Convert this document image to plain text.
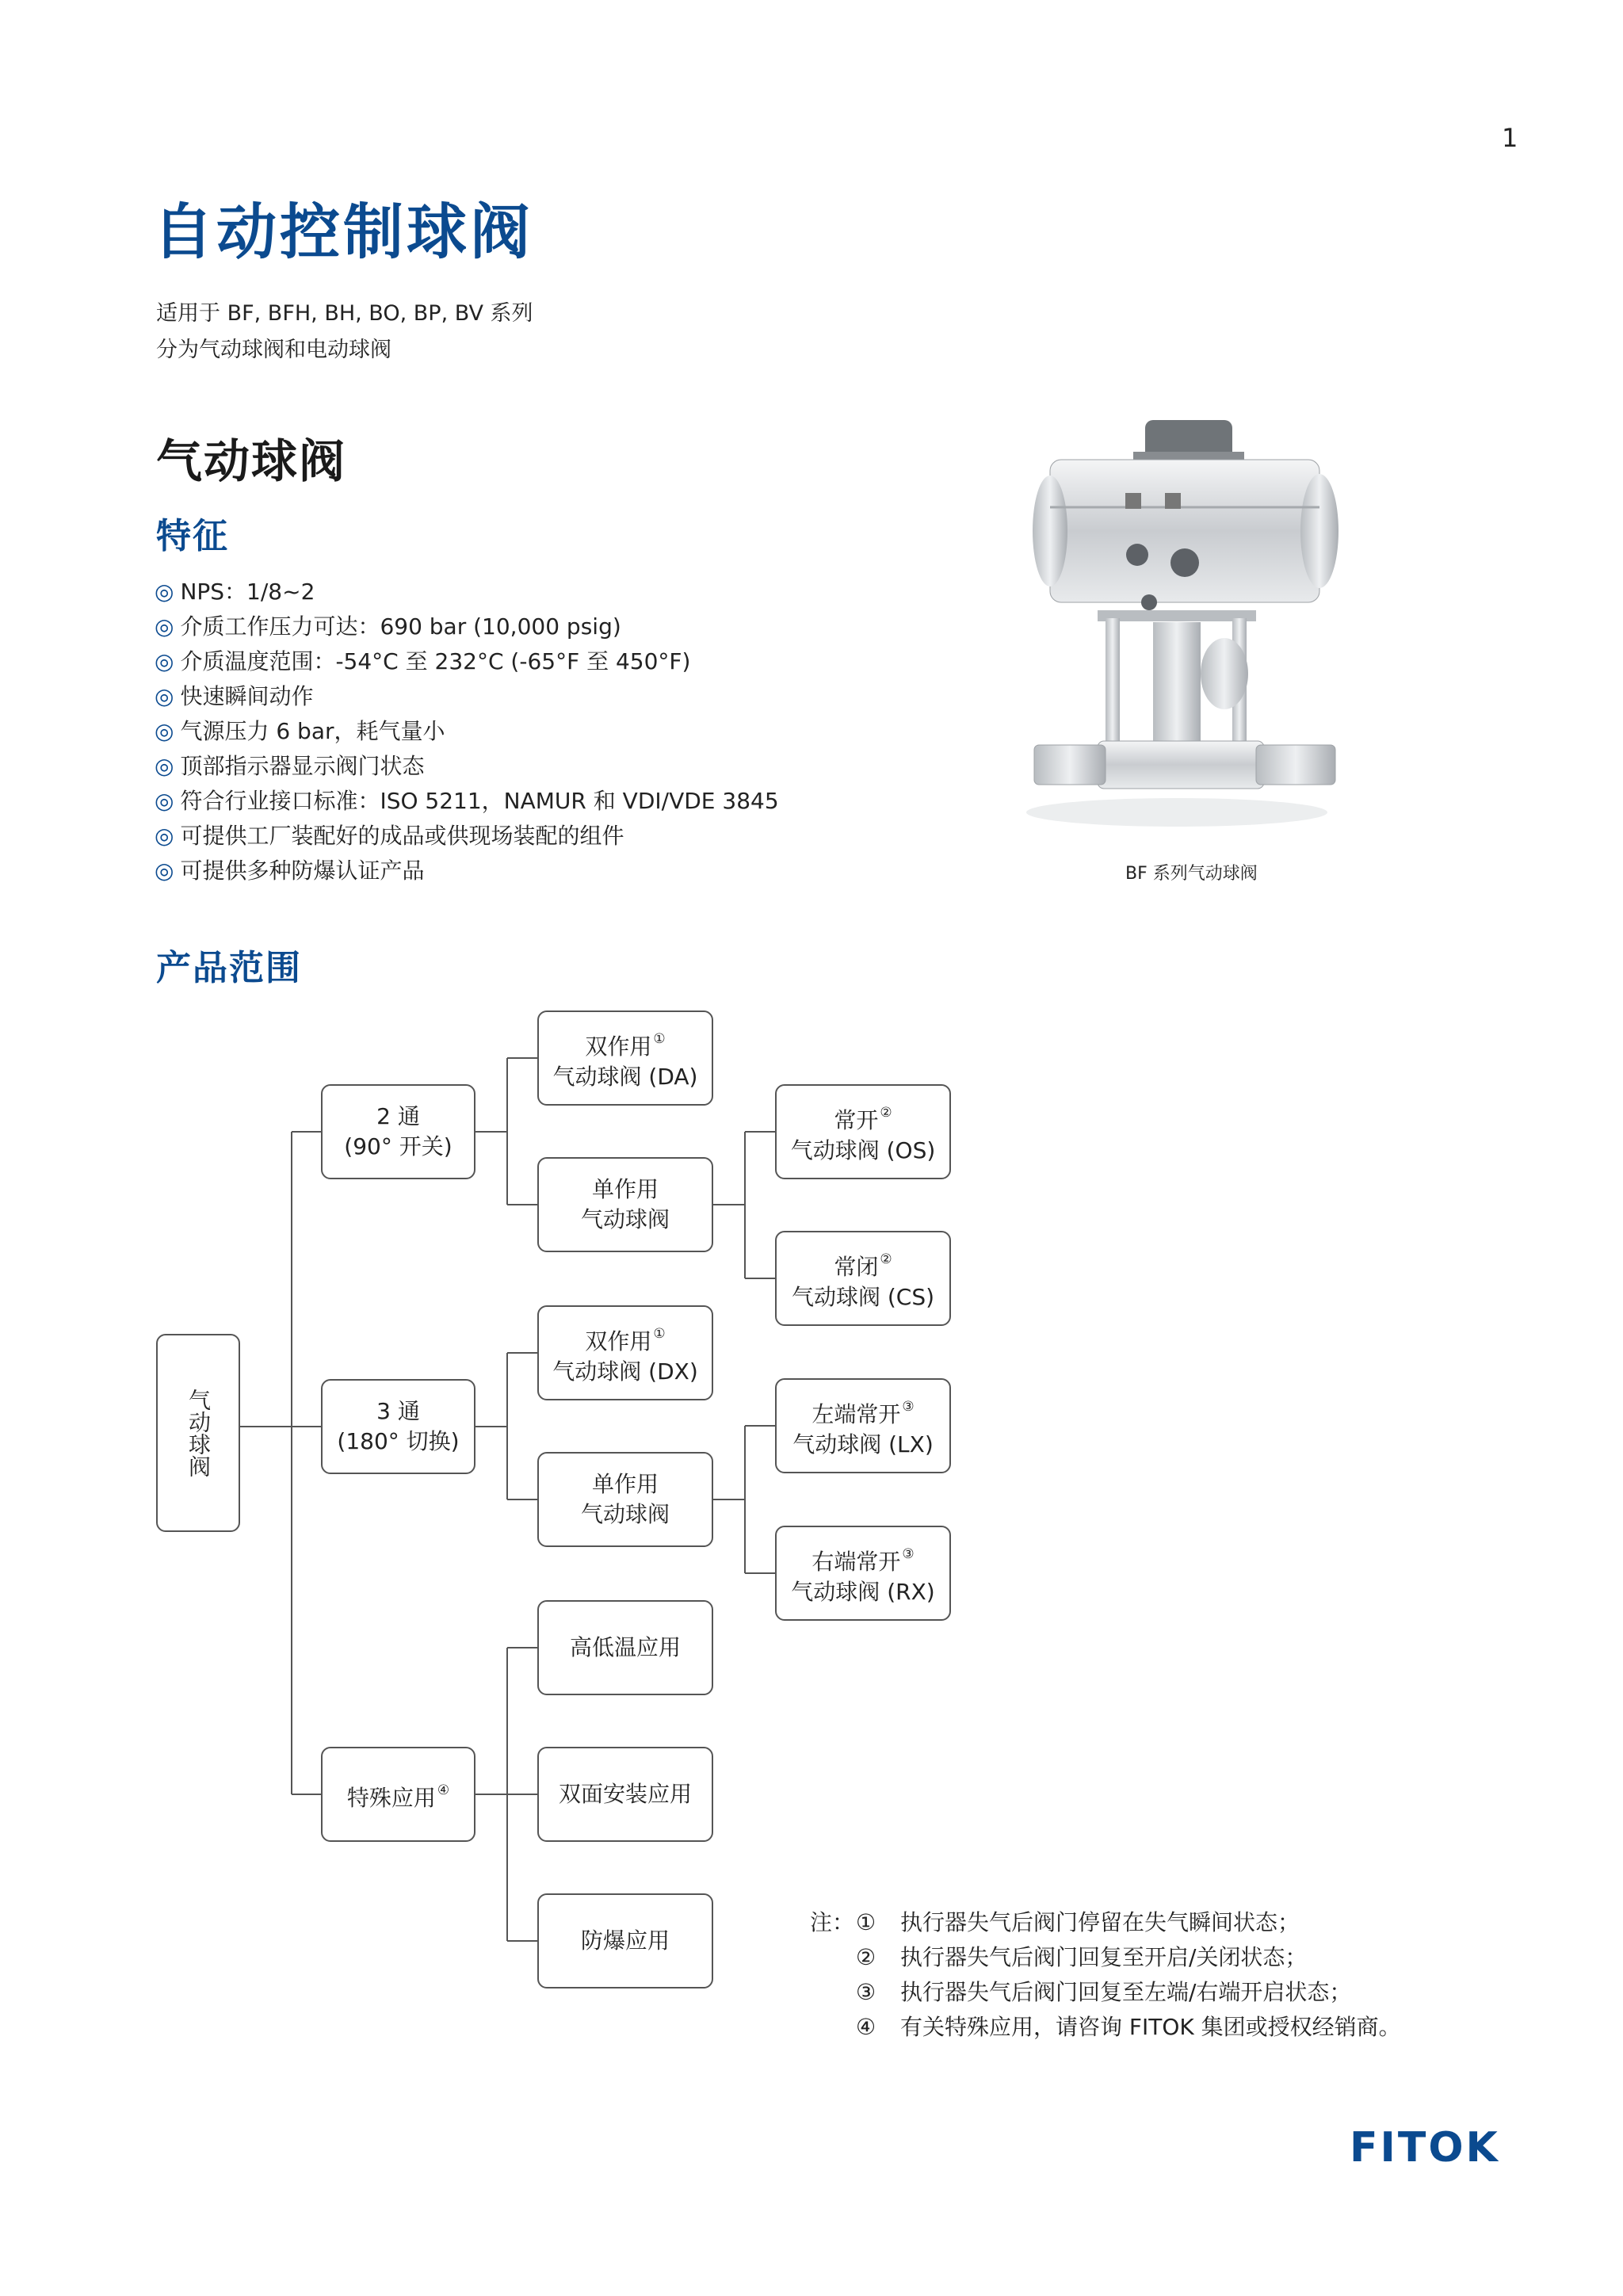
1
自动控制球阀
适用于 BF, BFH, BH, BO, BP, BV 系列
分为气动球阀和电动球阀
气动球阀
特征
◎ NPS：1/8~2
◎ 介质工作压力可达：690 bar (10,000 psig)
◎ 介质温度范围：-54°C 至 232°C (-65°F 至 450°F)
◎ 快速瞬间动作
◎ 气源压力 6 bar，耗气量小
◎ 顶部指示器显示阀门状态
◎ 符合行业接口标准：ISO 5211，NAMUR 和 VDI/VDE 3845
◎ 可提供工厂装配好的成品或供现场装配的组件
◎ 可提供多种防爆认证产品	BF 系列气动球阀
产品范围
气动球阀
2 通
(90° 开关)
双作用 ①
气动球阀 (DA)
单作用
气动球阀
常开 ②
气动球阀 (OS)
常闭 ②
气动球阀 (CS)
3 通
(180° 切换)
双作用 ①
气动球阀 (DX)
单作用
气动球阀
左端常开 ③
气动球阀 (LX)
右端常开 ③
气动球阀 (RX)
特殊应用 ④
高低温应用
双面安装应用
防爆应用
注： ①	执行器失气后阀门停留在失气瞬间状态；
②	执行器失气后阀门回复至开启/关闭状态；
③	执行器失气后阀门回复至左端/右端开启状态；
④	有关特殊应用，请咨询 FITOK 集团或授权经销商。
FITOK
